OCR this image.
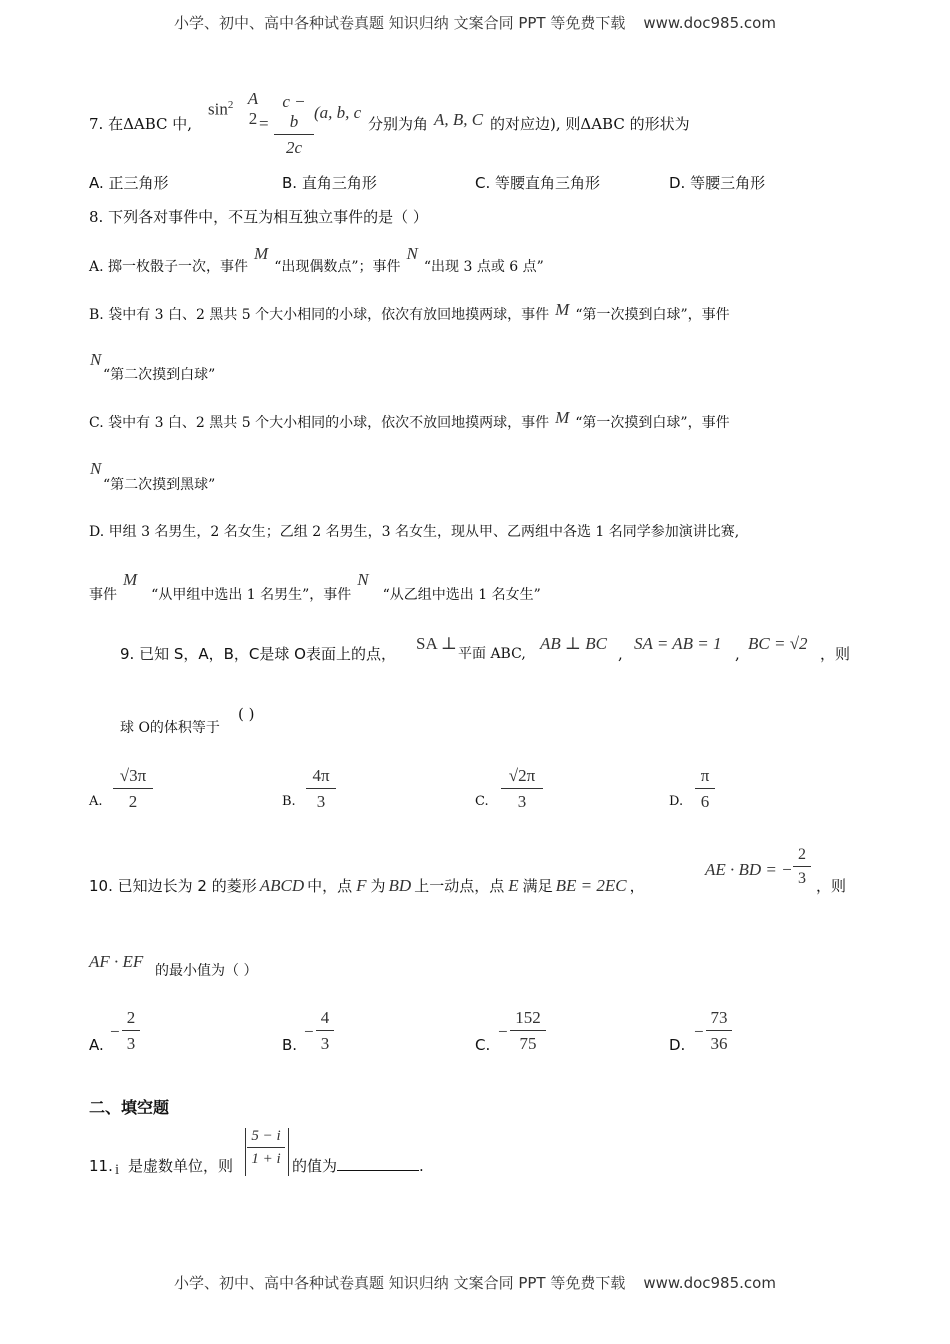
小学、初中、高中各种试卷真题 知识归纳 文案合同 PPT 等免费下载 www.doc985.com
7. 在ΔABC 中,
$\sin^2 A$
$2 = \frac{c - b}{2c} (a$, b, c
分别为角 A, B, C 的对应边), 则ΔABC 的形状为
A. 正三角形	B. 直角三角形	C. 等腰直角三角形	D. 等腰三角形
8. 下列各对事件中，不互为相互独立事件的是（ ）
A. 掷一枚骰子一次，事件M“出现偶数点”；事件N“出现 3 点或 6 点”
B. 袋中有 3 白、2 黑共 5 个大小相同的小球，依次有放回地摸两球，事件 M “第一次摸到白球”，事件
N
“第二次摸到白球”
C. 袋中有 3 白、2 黑共 5 个大小相同的小球，依次不放回地摸两球，事件 M “第一次摸到白球”，事件
N
“第二次摸到黑球”
D. 甲组 3 名男生，2 名女生；乙组 2 名男生，3 名女生，现从甲、乙两组中各选 1 名同学参加演讲比赛,
事件M“从甲组中选出 1 名男生”，事件N“从乙组中选出 1 名女生”
9. 已知 S，A，B，C是球 O表面上的点，
SA ⊥
平面 ABC,
AB ⊥ BC
,
SA = AB = 1
,
BC = √2
，则
球 O的体积等于
( )
A. $\frac{√3\pi}{2}$	B. $\frac{4\pi}{3}$	C. $\frac{√2\pi}{3}$	D. $\frac{\pi}{6}$
10. 已知边长为 2 的菱形 ABCD 中，点 F 为 BD 上一动点，点 E 满足 BE = 2EC ，
AE · BD = − $\frac{2}{3}$ ，则
AF · EF 的最小值为（ ）
A.
− $\frac{2}{3}$	B.
− $\frac{4}{3}$	C.
− $\frac{152}{75}$	D.
− $\frac{73}{36}$
二、填空题
11. i 是虚数单位，则 $\frac{5 - i}{1 + i}$ 的值为	.
小学、初中、高中各种试卷真题 知识归纳 文案合同 PPT 等免费下载 www.doc985.com
